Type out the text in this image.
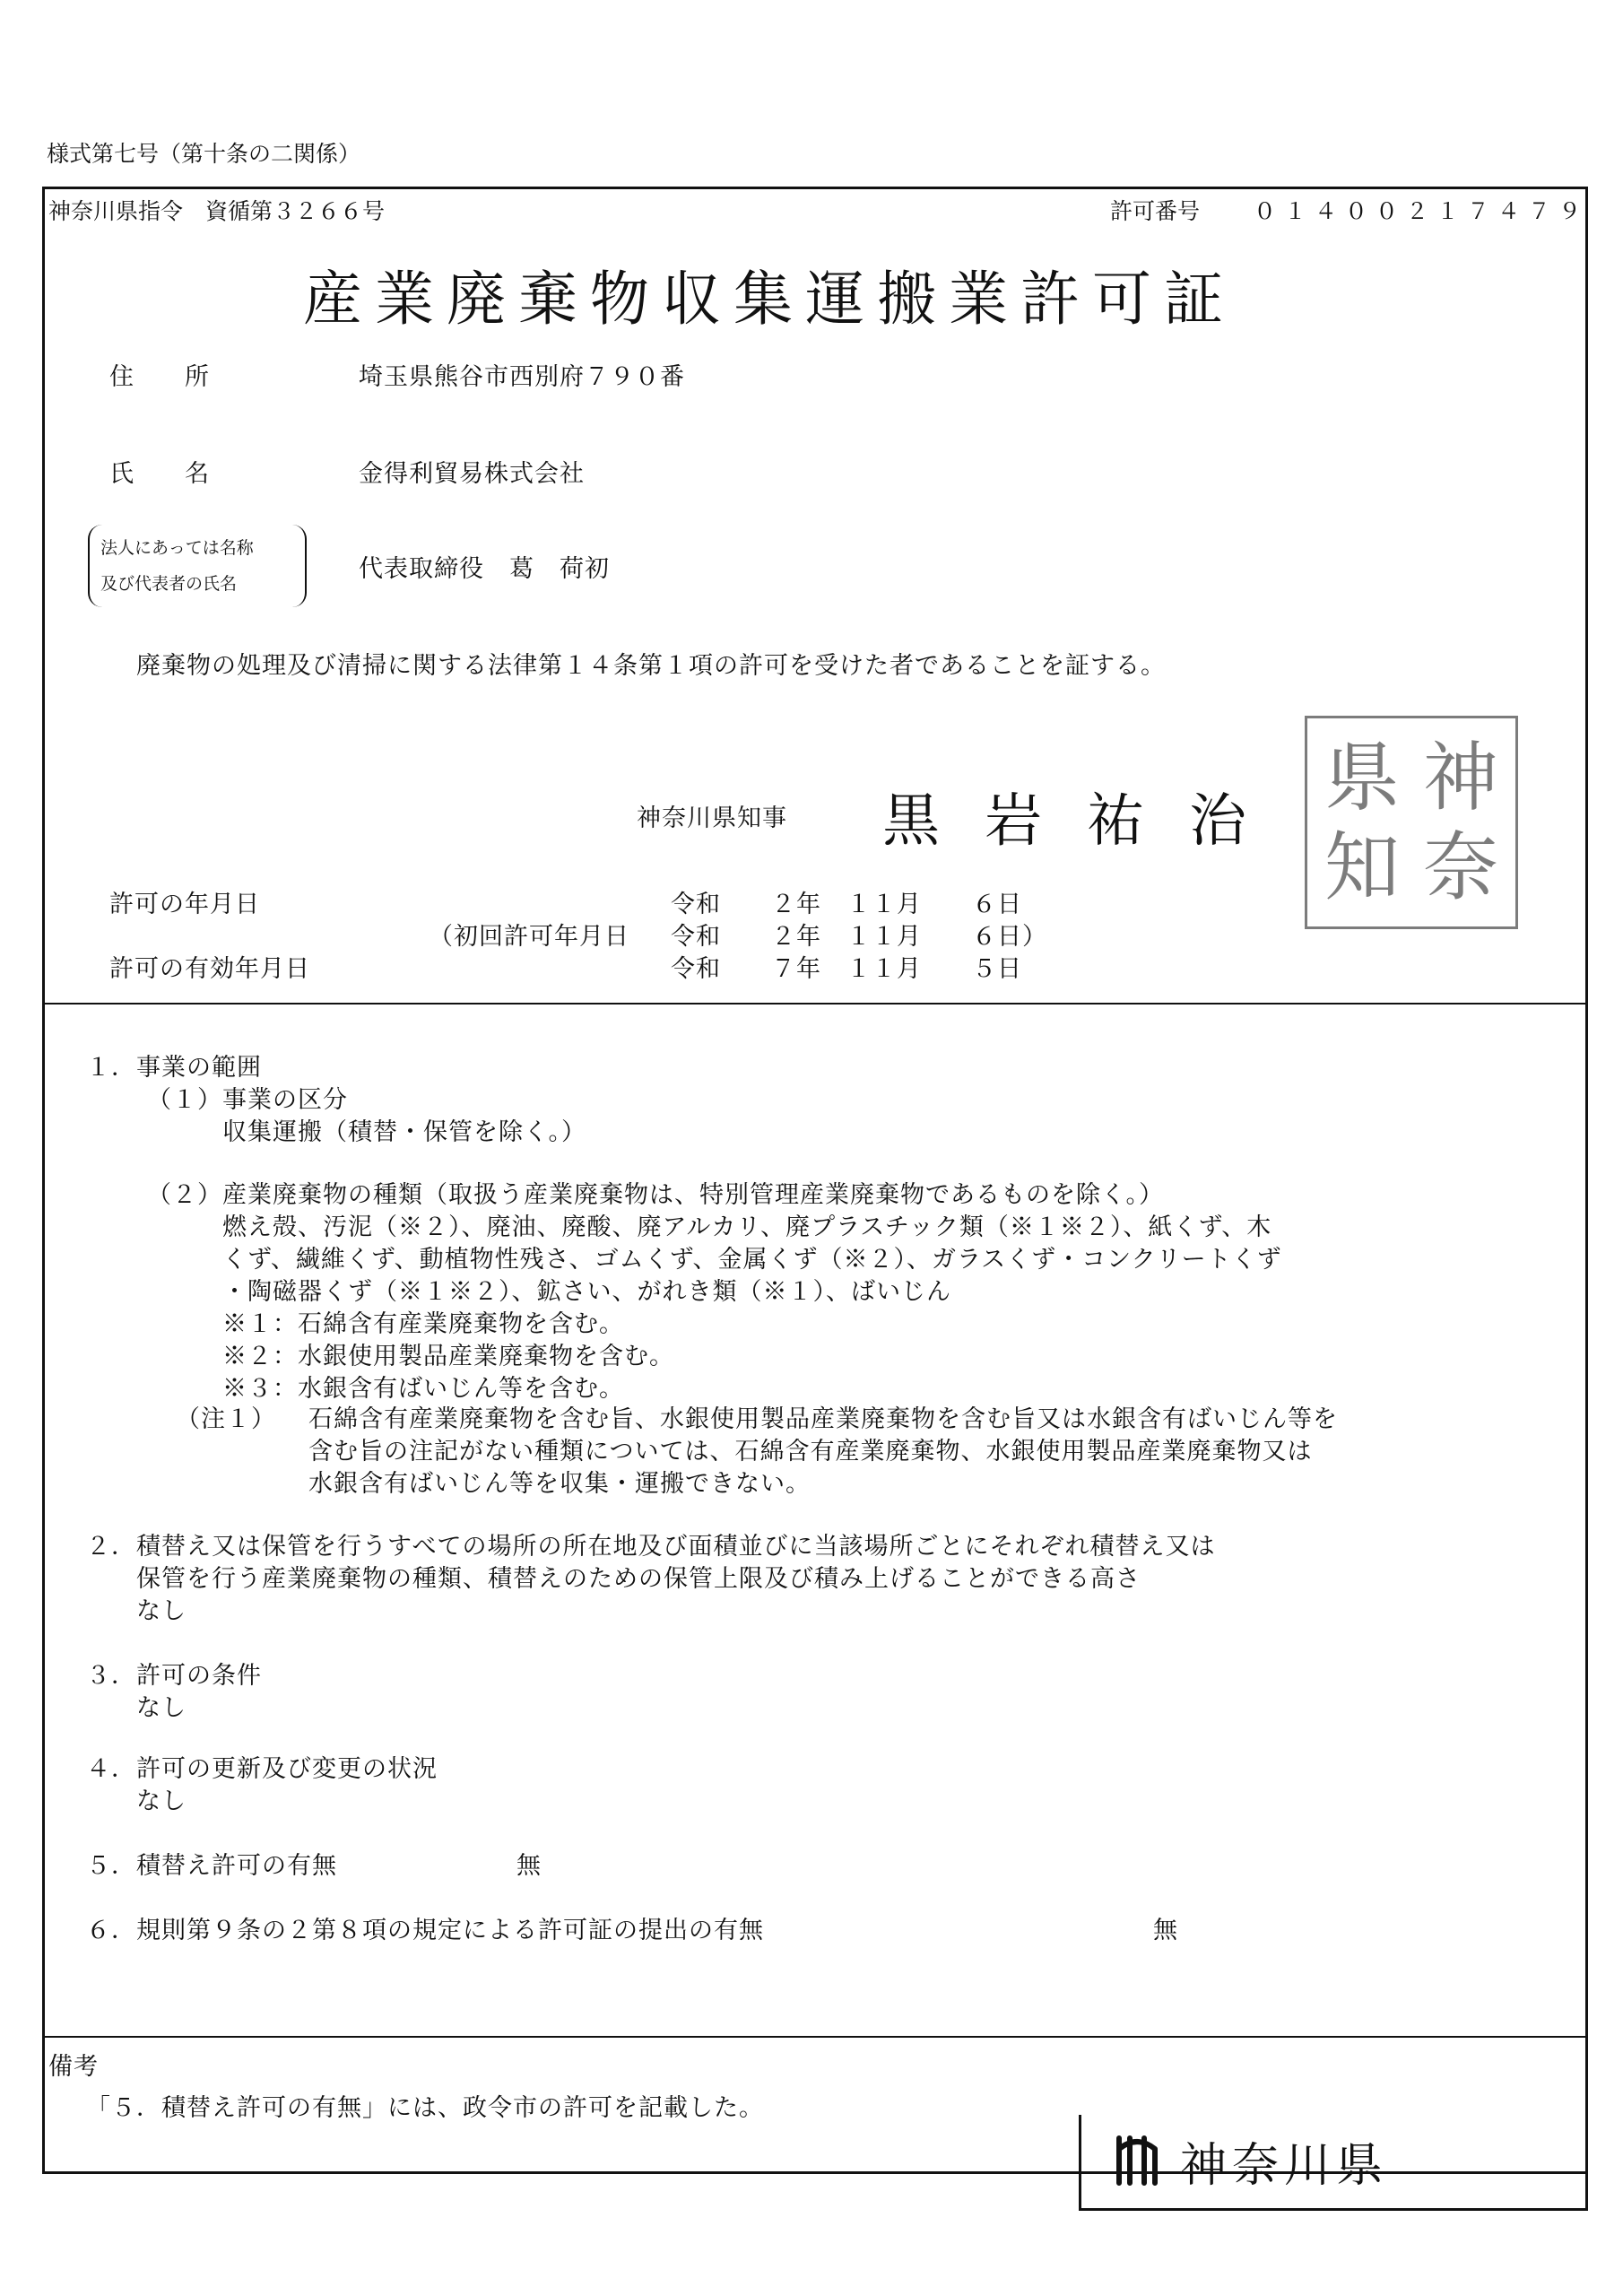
様式第七号（第十条の二関係）
神奈川県指令　資循第３２６６号	許可番号 ０１４００２１７４７９
産業廃棄物収集運搬業許可証
住　　所	埼玉県熊谷市西別府７９０番
氏　　名	金得利貿易株式会社
法人にあっては名称
及び代表者の氏名
代表取締役　葛　荷初
廃棄物の処理及び清掃に関する法律第１４条第１項の許可を受けた者であることを証する。
神奈川県知事 黒岩祐治 県 神
知 奈
許可の年月日	令和　　２年　１１月　　６日
（初回許可年月日 令和　　２年　１１月　　６日）
許可の有効年月日	令和　　７年　１１月　　５日
１．事業の範囲
（１）事業の区分
収集運搬（積替・保管を除く。）
（２）産業廃棄物の種類（取扱う産業廃棄物は、特別管理産業廃棄物であるものを除く。）
燃え殻、汚泥（※２）、廃油、廃酸、廃アルカリ、廃プラスチック類（※１※２）、紙くず、木
くず、繊維くず、動植物性残さ、ゴムくず、金属くず（※２）、ガラスくず・コンクリートくず
・陶磁器くず（※１※２）、鉱さい、がれき類（※１）、ばいじん
※１：石綿含有産業廃棄物を含む。
※２：水銀使用製品産業廃棄物を含む。
※３：水銀含有ばいじん等を含む。
（注１） 石綿含有産業廃棄物を含む旨、水銀使用製品産業廃棄物を含む旨又は水銀含有ばいじん等を
含む旨の注記がない種類については、石綿含有産業廃棄物、水銀使用製品産業廃棄物又は
水銀含有ばいじん等を収集・運搬できない。
２．積替え又は保管を行うすべての場所の所在地及び面積並びに当該場所ごとにそれぞれ積替え又は
保管を行う産業廃棄物の種類、積替えのための保管上限及び積み上げることができる高さ
なし
３．許可の条件
なし
４．許可の更新及び変更の状況
なし
５．積替え許可の有無	無
６．規則第９条の２第８項の規定による許可証の提出の有無	無
備考
「５．積替え許可の有無」には、政令市の許可を記載した。
神奈川県
